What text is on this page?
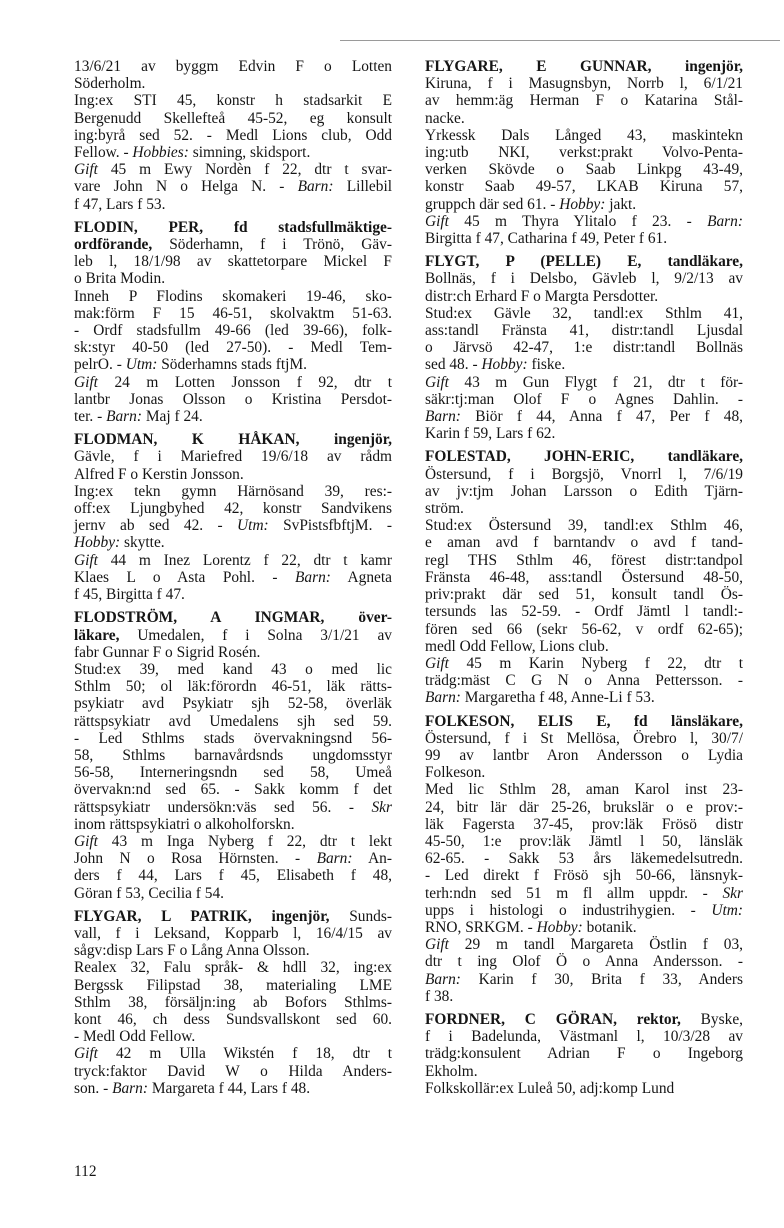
13/6/21 av byggm Edvin F o Lotten
Söderholm.
Ing:ex STI 45, konstr h stadsarkit E
Bergenudd Skellefteå 45-52, eg konsult
ing:byrå sed 52. - Medl Lions club, Odd
Fellow. - Hobbies: simning, skidsport.
Gift 45 m Ewy Nordèn f 22, dtr t svar-
vare John N o Helga N. - Barn: Lillebil
f 47, Lars f 53.
FLODIN, PER, fd stadsfullmäktige-
ordförande, Söderhamn, f i Trönö, Gäv-
leb l, 18/1/98 av skattetorpare Mickel F
o Brita Modin.
Inneh P Flodins skomakeri 19-46, sko-
mak:förm F 15 46-51, skolvaktm 51-63.
- Ordf stadsfullm 49-66 (led 39-66), folk-
sk:styr 40-50 (led 27-50). - Medl Tem-
pelrO. - Utm: Söderhamns stads ftjM.
Gift 24 m Lotten Jonsson f 92, dtr t
lantbr Jonas Olsson o Kristina Persdot-
ter. - Barn: Maj f 24.
FLODMAN, K HÅKAN, ingenjör,
Gävle, f i Mariefred 19/6/18 av rådm
Alfred F o Kerstin Jonsson.
Ing:ex tekn gymn Härnösand 39, res:-
off:ex Ljungbyhed 42, konstr Sandvikens
jernv ab sed 42. - Utm: SvPistsfbftjM. -
Hobby: skytte.
Gift 44 m Inez Lorentz f 22, dtr t kamr
Klaes L o Asta Pohl. - Barn: Agneta
f 45, Birgitta f 47.
FLODSTRÖM, A INGMAR, över-
läkare, Umedalen, f i Solna 3/1/21 av
fabr Gunnar F o Sigrid Rosén.
Stud:ex 39, med kand 43 o med lic
Sthlm 50; ol läk:förordn 46-51, läk rätts-
psykiatr avd Psykiatr sjh 52-58, överläk
rättspsykiatr avd Umedalens sjh sed 59.
- Led Sthlms stads övervakningsnd 56-
58, Sthlms barnavårdsnds ungdomsstyr
56-58, Interneringsndn sed 58, Umeå
övervakn:nd sed 65. - Sakk komm f det
rättspsykiatr undersökn:väs sed 56. - Skr
inom rättspsykiatri o alkoholforskn.
Gift 43 m Inga Nyberg f 22, dtr t lekt
John N o Rosa Hörnsten. - Barn: An-
ders f 44, Lars f 45, Elisabeth f 48,
Göran f 53, Cecilia f 54.
FLYGAR, L PATRIK, ingenjör, Sunds-
vall, f i Leksand, Kopparb l, 16/4/15 av
sågv:disp Lars F o Lång Anna Olsson.
Realex 32, Falu språk- & hdll 32, ing:ex
Bergssk Filipstad 38, materialing LME
Sthlm 38, försäljn:ing ab Bofors Sthlms-
kont 46, ch dess Sundsvallskont sed 60.
- Medl Odd Fellow.
Gift 42 m Ulla Wikstén f 18, dtr t
tryck:faktor David W o Hilda Anders-
son. - Barn: Margareta f 44, Lars f 48.
FLYGARE, E GUNNAR, ingenjör,
Kiruna, f i Masugnsbyn, Norrb l, 6/1/21
av hemm:äg Herman F o Katarina Stål-
nacke.
Yrkessk Dals Långed 43, maskintekn
ing:utb NKI, verkst:prakt Volvo-Penta-
verken Skövde o Saab Linkpg 43-49,
konstr Saab 49-57, LKAB Kiruna 57,
gruppch där sed 61. - Hobby: jakt.
Gift 45 m Thyra Ylitalo f 23. - Barn:
Birgitta f 47, Catharina f 49, Peter f 61.
FLYGT, P (PELLE) E, tandläkare,
Bollnäs, f i Delsbo, Gävleb l, 9/2/13 av
distr:ch Erhard F o Margta Persdotter.
Stud:ex Gävle 32, tandl:ex Sthlm 41,
ass:tandl Fränsta 41, distr:tandl Ljusdal
o Järvsö 42-47, 1:e distr:tandl Bollnäs
sed 48. - Hobby: fiske.
Gift 43 m Gun Flygt f 21, dtr t för-
säkr:tj:man Olof F o Agnes Dahlin. -
Barn: Biör f 44, Anna f 47, Per f 48,
Karin f 59, Lars f 62.
FOLESTAD, JOHN-ERIC, tandläkare,
Östersund, f i Borgsjö, Vnorrl l, 7/6/19
av jv:tjm Johan Larsson o Edith Tjärn-
ström.
Stud:ex Östersund 39, tandl:ex Sthlm 46,
e aman avd f barntandv o avd f tand-
regl THS Sthlm 46, förest distr:tandpol
Fränsta 46-48, ass:tandl Östersund 48-50,
priv:prakt där sed 51, konsult tandl Ös-
tersunds las 52-59. - Ordf Jämtl l tandl:-
fören sed 66 (sekr 56-62, v ordf 62-65);
medl Odd Fellow, Lions club.
Gift 45 m Karin Nyberg f 22, dtr t
trädg:mäst C G N o Anna Pettersson. -
Barn: Margaretha f 48, Anne-Li f 53.
FOLKESON, ELIS E, fd länsläkare,
Östersund, f i St Mellösa, Örebro l, 30/7/
99 av lantbr Aron Andersson o Lydia
Folkeson.
Med lic Sthlm 28, aman Karol inst 23-
24, bitr lär där 25-26, brukslär o e prov:-
läk Fagersta 37-45, prov:läk Frösö distr
45-50, 1:e prov:läk Jämtl l 50, länsläk
62-65. - Sakk 53 års läkemedelsutredn.
- Led direkt f Frösö sjh 50-66, länsnyk-
terh:ndn sed 51 m fl allm uppdr. - Skr
upps i histologi o industrihygien. - Utm:
RNO, SRKGM. - Hobby: botanik.
Gift 29 m tandl Margareta Östlin f 03,
dtr t ing Olof Ö o Anna Andersson. -
Barn: Karin f 30, Brita f 33, Anders
f 38.
FORDNER, C GÖRAN, rektor, Byske,
f i Badelunda, Västmanl l, 10/3/28 av
trädg:konsulent Adrian F o Ingeborg
Ekholm.
Folkskollär:ex Luleå 50, adj:komp Lund
112
